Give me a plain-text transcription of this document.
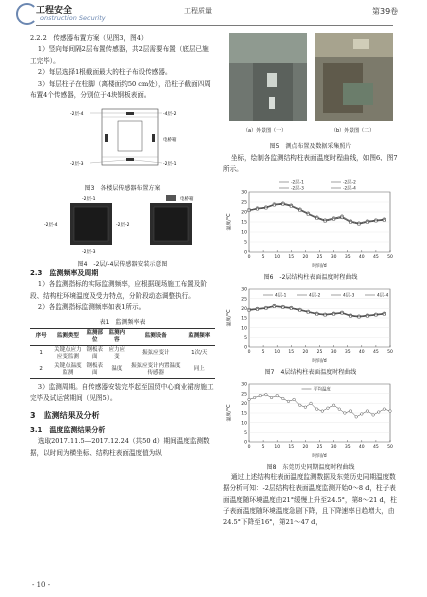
工程安全
onstruction Security
工程质量	第39卷

2.2.2　传感器布置方案（见图3，图4）

1）竖向每间隔2层布置传感器，共2层需要布置（底层已施工完毕）。

2）每层选择1根截面最大的柱子布设传感器。

3）每层柱子在柱脚（离楼面约50 cm处），沿柱子截面四周布置4个传感器，分别位于4块钢板表面。

-2层-4	-4层-2
电桥箱
-2层-3	-2层-1

图3　各楼层传感器布置方案

-2层-1
-2层-4	-2层-2
-2层-3
电桥箱

图4　-2层/-4层传感器安装示意图

2.3　监测频率及周期

1）各监测指标的实际监测频率，应根据现场施工布置及阶段、结构柱环境温度及受力特点，分阶段动态调整执行。

2）各监测指标监测频率如表1所示。

表1　监测频率表

序号	监测类型	监测部位	监测内容	监测设备	监测频率
1	关键点应力应变监测	钢板表面	应力应变	振弦应变计	1次/天
2	关键点温度监测	钢板表面	温度	振弦应变计内置温度传感器	同上

3）监测周期。自传感器安装完毕起至国贸中心商业裙房施工完毕及试运营期间（见图5）。

3　监测结果及分析

3.1　温度监测结果分析

选取2017.11.5—2017.12.24（共50 d）期间温度监测数据，以时间为横坐标、结构柱表面温度值为纵

（a）外景图（一）	（b）外景图（二）

图5　测点布置及数据采集照片

坐标，绘制各监测结构柱表面温度时程曲线，如图6、图7所示。

0
5
10
15
20
25
30
0 5 10 15 20 25 30 35 40 45 50
时间/d
温度/°C
-2层-1	-2层-2
-2层-3	-2层-4

图6　-2层结构柱表面温度时程曲线

0
5
10
15
20
25
30
0 5 10 15 20 25 30 35 40 45 50
时间/d
温度/°C
4层-1	4层-2	4层-3	4层-4

图7　4层结构柱表面温度时程曲线

0
5
10
15
20
25
30
0 5 10 15 20 25 30 35 40 45 50
时间/d
温度/°C
平均温度

图8　东莞历史同期温度时程曲线

通过上述结构柱表面温度监测数据及东莞历史同期温度数据分析可知：-2层结构柱表面温度监测开始0～8 d，柱子表面温度随环境温度由21°缓慢上升至24.5°，第8～21 d，柱子表面温度随环境温度急剧下降，且下降速率日趋增大，由24.5°下降至16°，第21～47 d，

- 10 -
